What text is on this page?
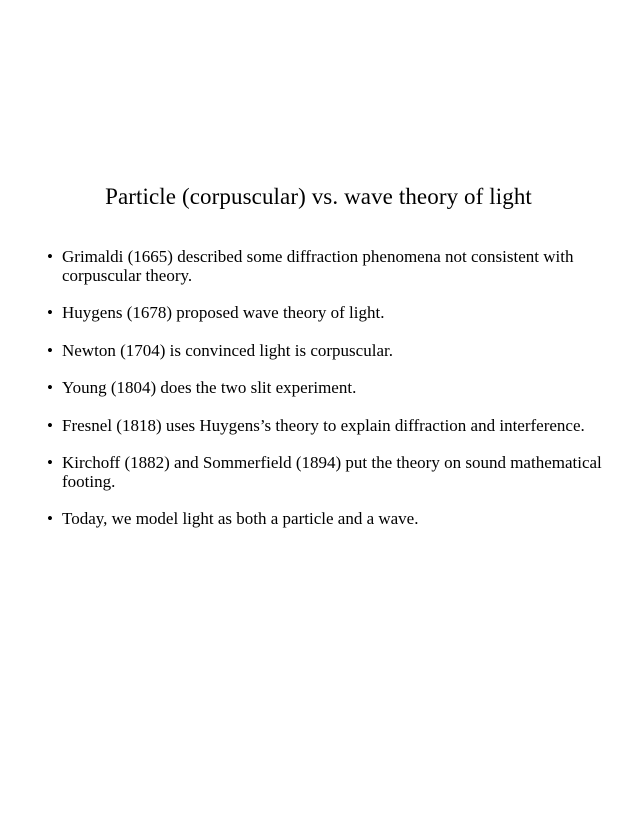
Particle (corpuscular) vs. wave theory of light
• Grimaldi (1665) described some diffraction phenomena not consistent with corpuscular theory.
• Huygens (1678) proposed wave theory of light.
• Newton (1704) is convinced light is corpuscular.
• Young (1804) does the two slit experiment.
• Fresnel (1818) uses Huygens’s theory to explain diffraction and interference.
• Kirchoff (1882) and Sommerfield (1894) put the theory on sound mathematical footing.
• Today, we model light as both a particle and a wave.
